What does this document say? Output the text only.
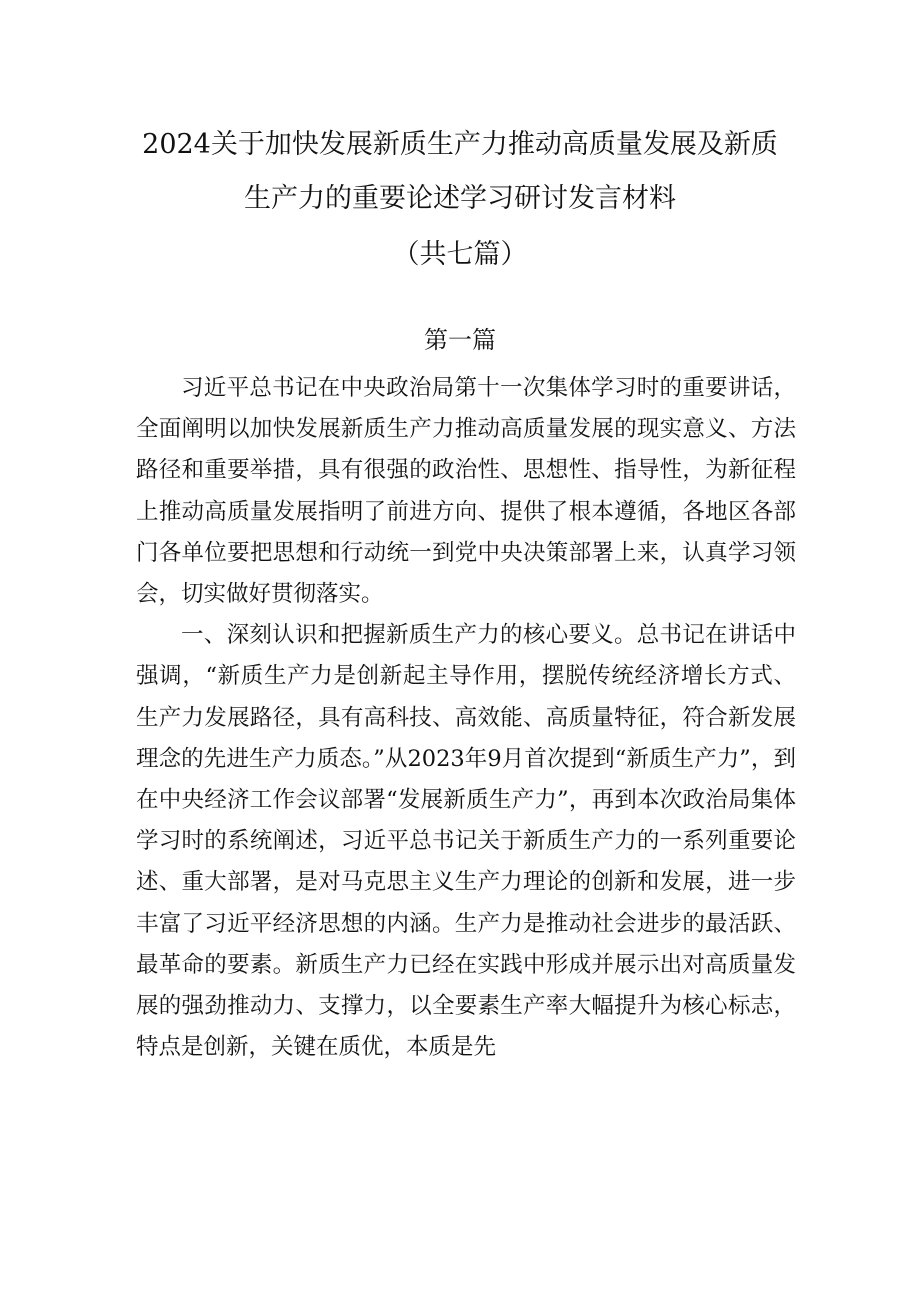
2024关于加快发展新质生产力推动高质量发展及新质
生产力的重要论述学习研讨发言材料
（共七篇）
第一篇

习近平总书记在中央政治局第十一次集体学习时的重要讲话，全面阐明以加快发展新质生产力推动高质量发展的现实意义、方法路径和重要举措，具有很强的政治性、思想性、指导性，为新征程上推动高质量发展指明了前进方向、提供了根本遵循，各地区各部门各单位要把思想和行动统一到党中央决策部署上来，认真学习领会，切实做好贯彻落实。

一、深刻认识和把握新质生产力的核心要义。总书记在讲话中强调，“新质生产力是创新起主导作用，摆脱传统经济增长方式、生产力发展路径，具有高科技、高效能、高质量特征，符合新发展理念的先进生产力质态。”从2023年9月首次提到“新质生产力”，到在中央经济工作会议部署“发展新质生产力”，再到本次政治局集体学习时的系统阐述，习近平总书记关于新质生产力的一系列重要论述、重大部署，是对马克思主义生产力理论的创新和发展，进一步丰富了习近平经济思想的内涵。生产力是推动社会进步的最活跃、最革命的要素。新质生产力已经在实践中形成并展示出对高质量发展的强劲推动力、支撑力，以全要素生产率大幅提升为核心标志，特点是创新，关键在质优，本质是先
